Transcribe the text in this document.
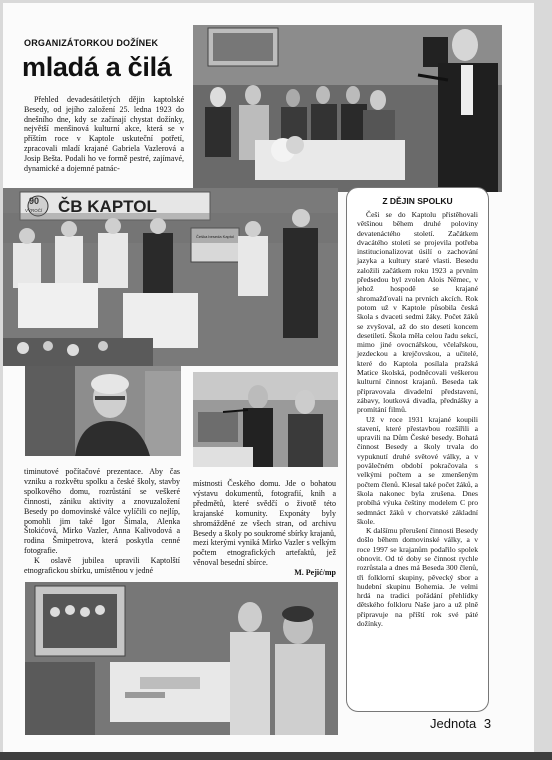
90
VÝROČÍ ČB KAPTOL
Češka beseda Kaptol
ORGANIZÁTORKOU DOŽÍNEK
mladá a čilá

Přehled devadesátiletých dějin kaptolské Besedy, od jejího založení 25. ledna 1923 do dnešního dne, kdy se začínají chystat dožínky, největší menšinová kulturní akce, která se v příštím roce v Kaptole uskuteční potřetí, zpracovali mladí krajané Gabriela Vazlerová a Josip Bešta. Podali ho ve formě pestré, zajímavé, dynamické a dojemné patnác-

timinutové počítačové prezentace. Aby čas vzniku a rozkvětu spolku a české školy, stavby spolkového domu, rozrůstání se veškeré činnosti, zániku aktivity a znovuzaložení Besedy po domovinské válce vylíčili co nejlíp, pomohli jim také Igor Šimala, Alenka Štokićová, Mirko Vazler, Anna Kalivodová a rodina Šmitpetrova, která poskytla cenné fotografie.

K oslavě jubilea upravili Kaptolští etnografickou sbírku, umístěnou v jedné

místnosti Českého domu. Jde o bohatou výstavu dokumentů, fotografií, knih a předmětů, které svědčí o životě této krajanské komunity. Exponáty byly shromážděné ze všech stran, od archivu Besedy a školy po soukromé sbírky krajanů, mezi kterými vyniká Mirko Vazler s velkým počtem etnografických artefaktů, jež věnoval besední sbírce.

M. Pejić/mp

Z DĚJIN SPOLKU

Češi se do Kaptolu přistěhovali většinou během druhé poloviny devatenáctého století. Začátkem dvacátého století se projevila potřeba institucionalizovat úsilí o zachování jazyka a kultury staré vlasti. Besedu založili začátkem roku 1923 a prvním předsedou byl zvolen Alois Němec, v jehož hospodě se krajané shromažďovali na prvních akcích. Rok potom už v Kaptole působila česká škola s dvaceti sedmi žáky. Počet žáků se zvyšoval, až do sto deseti koncem desetiletí. Škola měla celou řadu sekcí, mimo jiné ovocnářskou, včelařskou, jezdeckou a krejčovskou, a učitelé, které do Kaptola posílala pražská Matice školská, podněcovali veškerou kulturní činnost krajanů. Beseda tak připravovala divadelní představení, zábavy, loutková divadla, přednášky a promítání filmů.

Už v roce 1931 krajané koupili stavení, které přestavbou rozšířili a upravili na Dům České besedy. Bohatá činnost Besedy a školy trvala do vypuknutí druhé světové války, a v povälečném období pokračovala s velkými počtem a se zmenšeným počtem členů. Klesal také počet žáků, a škola nakonec byla zrušena. Dnes probíhá výuka češtiny modelem C pro sedmnáct žáků v chorvatské základní škole.

K dalšímu přerušení činnosti Besedy došlo během domovinské války, a v roce 1997 se krajanům podařilo spolek obnovit. Od té doby se činnost rychle rozrůstala a dnes má Beseda 300 členů, tři folklorní skupiny, pěvecký sbor a hudební skupinu Bohemia. Je velmi hrdá na tradici pořádání přehlídky dětského folkloru Naše jaro a už plně připravuje na příští rok své páté dožínky.

Jednota 3
